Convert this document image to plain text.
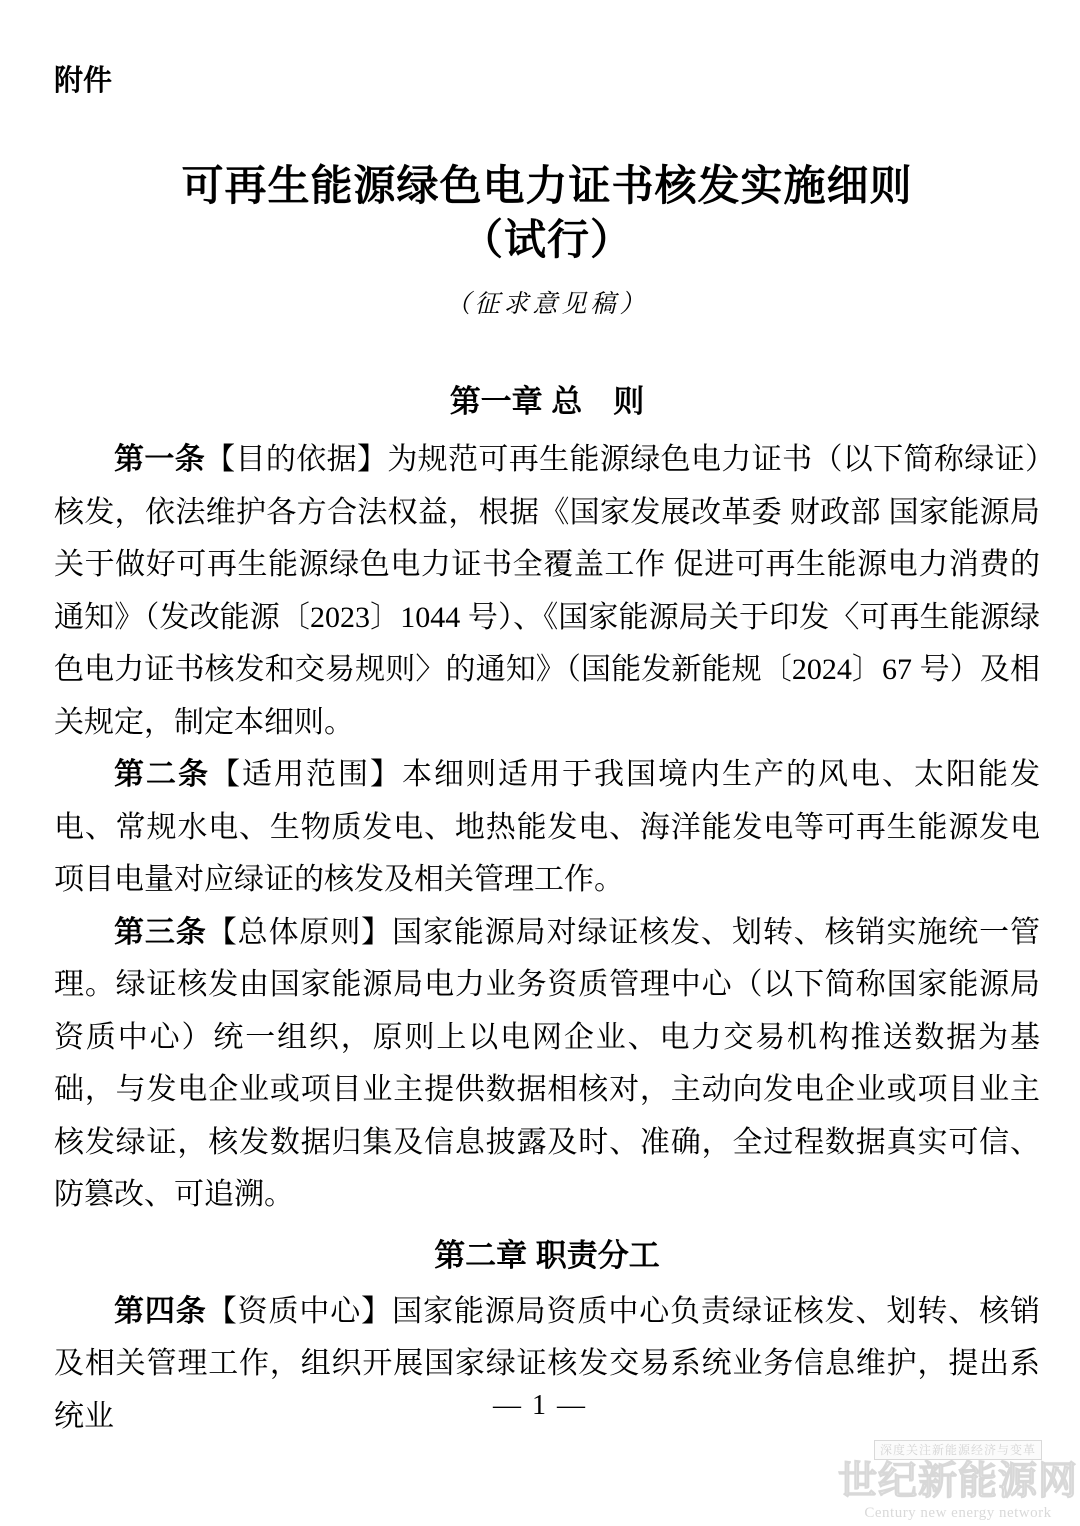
附件
可再生能源绿色电力证书核发实施细则
（试行）
（征求意见稿）
第一章 总　则

第一条【目的依据】为规范可再生能源绿色电力证书（以下简称绿证）核发，依法维护各方合法权益，根据《国家发展改革委 财政部 国家能源局关于做好可再生能源绿色电力证书全覆盖工作 促进可再生能源电力消费的通知》（发改能源〔2023〕1044 号）、《国家能源局关于印发〈可再生能源绿色电力证书核发和交易规则〉的通知》（国能发新能规〔2024〕67 号）及相关规定，制定本细则。

第二条【适用范围】本细则适用于我国境内生产的风电、太阳能发电、常规水电、生物质发电、地热能发电、海洋能发电等可再生能源发电项目电量对应绿证的核发及相关管理工作。

第三条【总体原则】国家能源局对绿证核发、划转、核销实施统一管理。绿证核发由国家能源局电力业务资质管理中心（以下简称国家能源局资质中心）统一组织，原则上以电网企业、电力交易机构推送数据为基础，与发电企业或项目业主提供数据相核对，主动向发电企业或项目业主核发绿证，核发数据归集及信息披露及时、准确，全过程数据真实可信、防篡改、可追溯。

第二章 职责分工

第四条【资质中心】国家能源局资质中心负责绿证核发、划转、核销及相关管理工作，组织开展国家绿证核发交易系统业务信息维护，提出系统业	— 1 —
深度关注新能源经济与变革
世纪新能源网
Century new energy network
